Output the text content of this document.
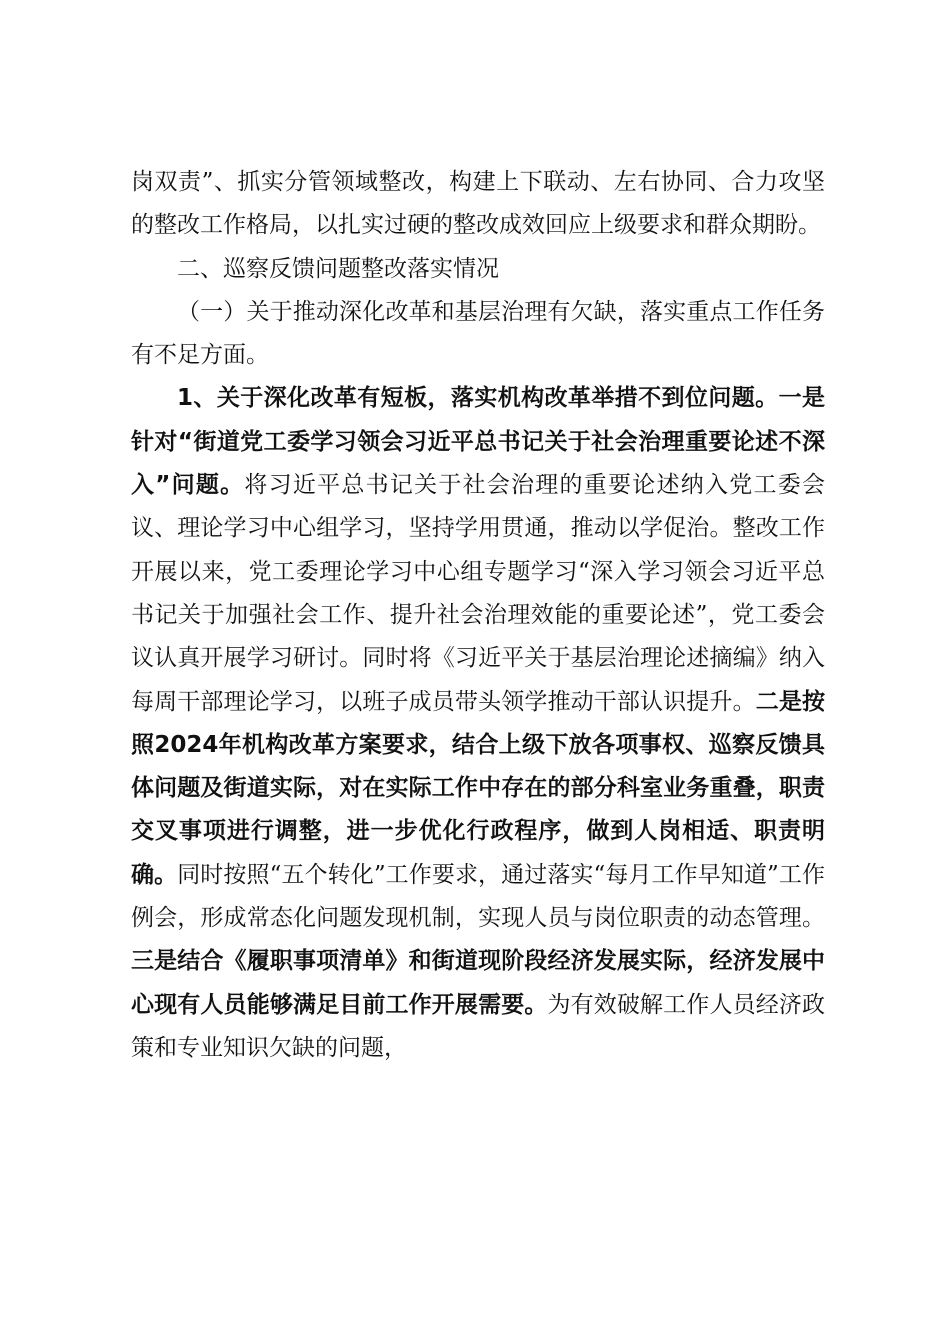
岗双责”、抓实分管领域整改，构建上下联动、左右协同、合力攻坚的整改工作格局，以扎实过硬的整改成效回应上级要求和群众期盼。

二、巡察反馈问题整改落实情况

（一）关于推动深化改革和基层治理有欠缺，落实重点工作任务有不足方面。

1、关于深化改革有短板，落实机构改革举措不到位问题。一是针对“街道党工委学习领会习近平总书记关于社会治理重要论述不深入”问题。将习近平总书记关于社会治理的重要论述纳入党工委会议、理论学习中心组学习，坚持学用贯通，推动以学促治。整改工作开展以来，党工委理论学习中心组专题学习“深入学习领会习近平总书记关于加强社会工作、提升社会治理效能的重要论述”，党工委会议认真开展学习研讨。同时将《习近平关于基层治理论述摘编》纳入每周干部理论学习，以班子成员带头领学推动干部认识提升。二是按照2024年机构改革方案要求，结合上级下放各项事权、巡察反馈具体问题及街道实际，对在实际工作中存在的部分科室业务重叠，职责交叉事项进行调整，进一步优化行政程序，做到人岗相适、职责明确。同时按照“五个转化”工作要求，通过落实“每月工作早知道”工作例会，形成常态化问题发现机制，实现人员与岗位职责的动态管理。三是结合《履职事项清单》和街道现阶段经济发展实际，经济发展中心现有人员能够满足目前工作开展需要。为有效破解工作人员经济政策和专业知识欠缺的问题，
